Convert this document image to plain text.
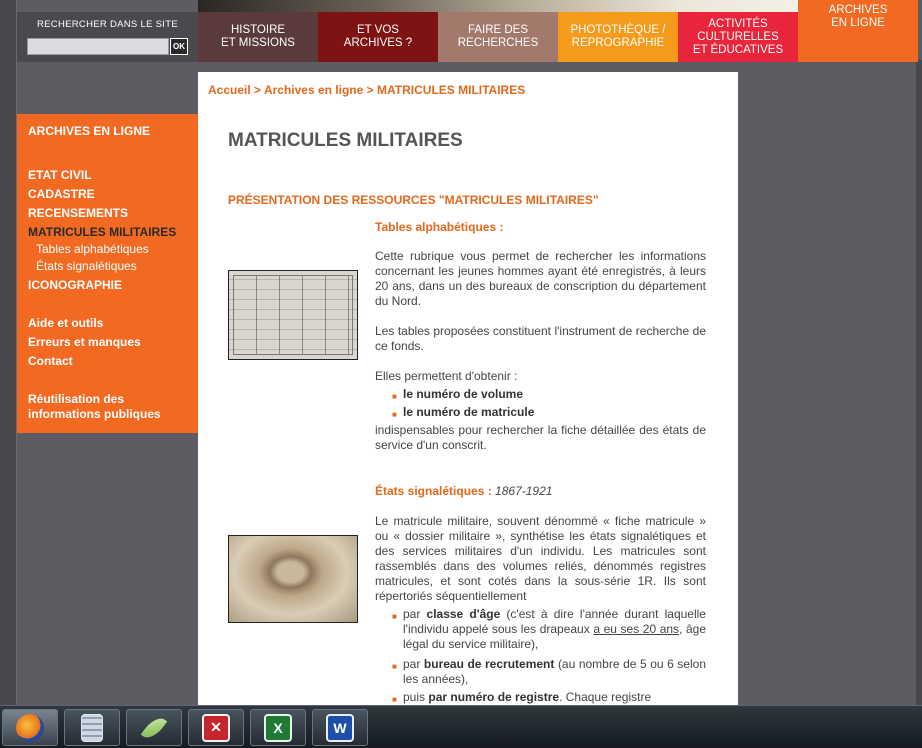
RECHERCHER DANS LE SITE
OK
HISTOIRE
ET MISSIONS
ET VOS
ARCHIVES ?
FAIRE DES
RECHERCHES
PHOTOTHÈQUE /
REPROGRAPHIE
ACTIVITÉS
CULTURELLES
ET ÉDUCATIVES
ARCHIVES
EN LIGNE
ARCHIVES EN LIGNE
ETAT CIVIL
CADASTRE
RECENSEMENTS
MATRICULES MILITAIRES
Tables alphabétiques
États signalétiques
ICONOGRAPHIE
Aide et outils
Erreurs et manques
Contact
Réutilisation des
informations publiques
Accueil > Archives en ligne > MATRICULES MILITAIRES
MATRICULES MILITAIRES
PRÉSENTATION DES RESSOURCES "MATRICULES MILITAIRES"
Tables alphabétiques :
Cette rubrique vous permet de rechercher les informations concernant les jeunes hommes ayant été enregistrés, à leurs 20 ans, dans un des bureaux de conscription du département du Nord.
Les tables proposées constituent l'instrument de recherche de ce fonds.
Elles permettent d'obtenir :
■ le numéro de volume
■ le numéro de matricule
indispensables pour rechercher la fiche détaillée des états de service d'un conscrit.
États signalétiques : 1867-1921
Le matricule militaire, souvent dénommé « fiche matricule » ou « dossier militaire », synthétise les états signalétiques et des services militaires d'un individu. Les matricules sont rassemblés dans des volumes reliés, dénommés registres matricules, et sont cotés dans la sous-série 1R. Ils sont répertoriés séquentiellement
■ par classe d'âge (c'est à dire l'année durant laquelle l'individu appelé sous les drapeaux a eu ses 20 ans, âge légal du service militaire),
■ par bureau de recrutement (au nombre de 5 ou 6 selon les années),
■ puis par numéro de registre. Chaque registre
✕	X	W
